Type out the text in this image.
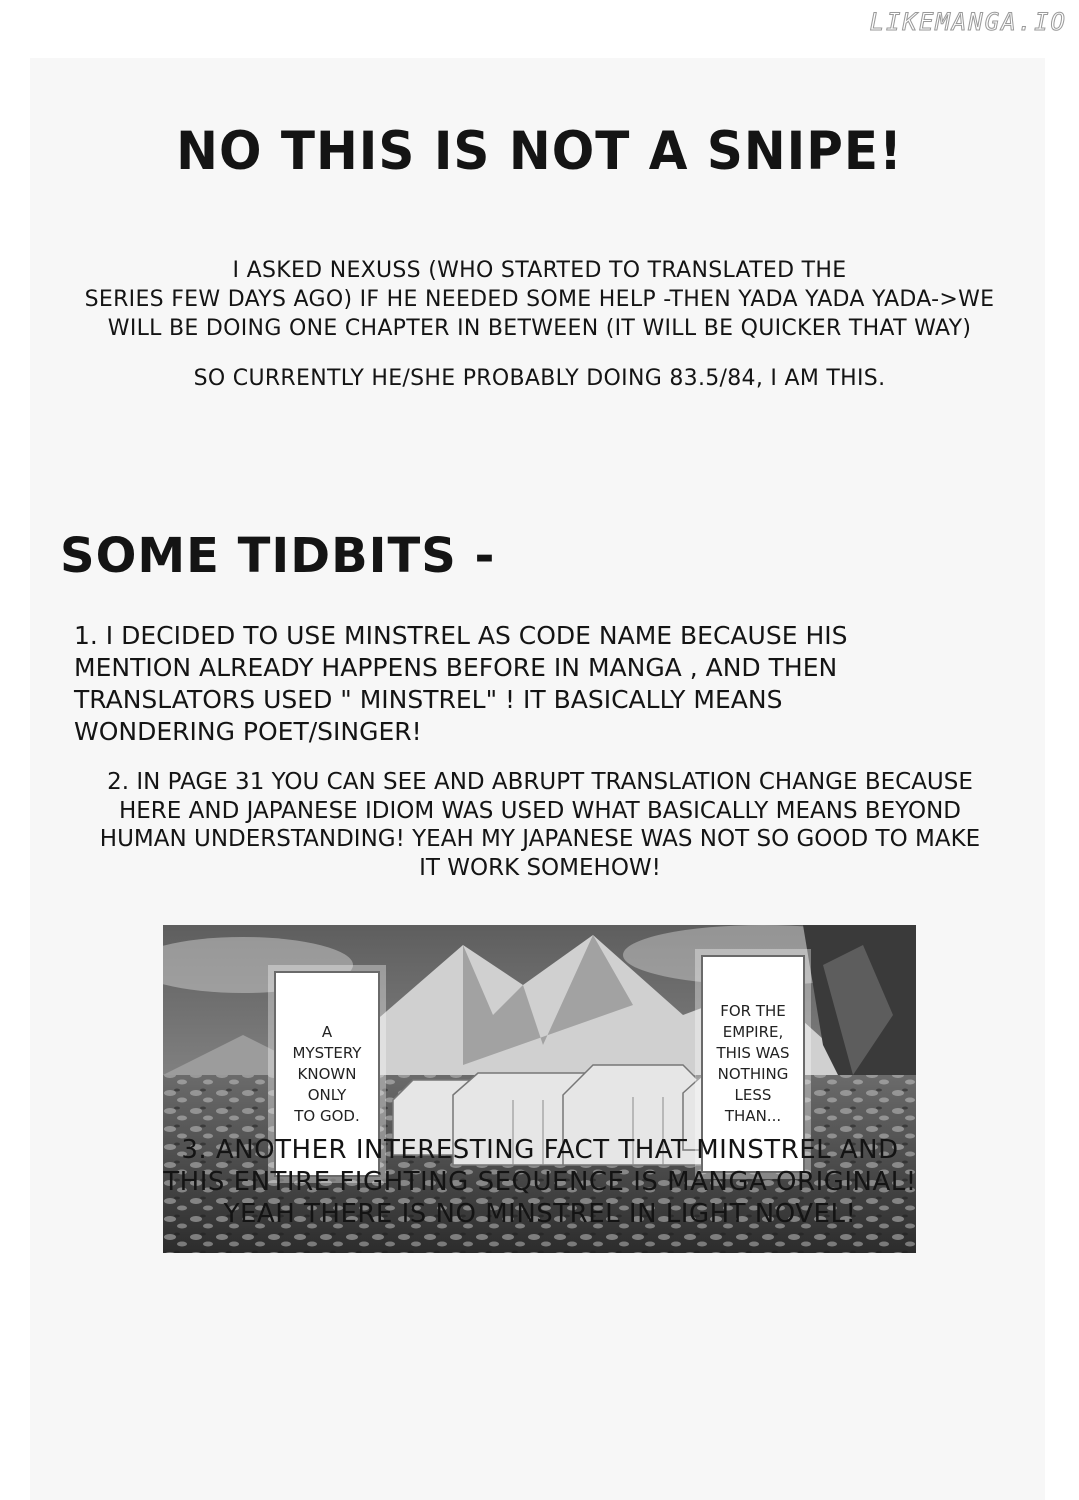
LIKEMANGA.IO
NO THIS IS NOT A SNIPE!
I ASKED NEXUSS (WHO STARTED TO TRANSLATED THE
SERIES FEW DAYS AGO) IF HE NEEDED SOME HELP -THEN YADA YADA YADA->WE
WILL BE DOING ONE CHAPTER IN BETWEEN (IT WILL BE QUICKER THAT WAY)
SO CURRENTLY HE/SHE PROBABLY DOING 83.5/84, I AM THIS.
SOME TIDBITS -
1. I DECIDED TO USE MINSTREL AS CODE NAME BECAUSE HIS
MENTION ALREADY HAPPENS BEFORE IN MANGA , AND THEN
TRANSLATORS USED " MINSTREL" ! IT BASICALLY MEANS
WONDERING POET/SINGER!
2. IN PAGE 31 YOU CAN SEE AND ABRUPT TRANSLATION CHANGE BECAUSE
HERE AND JAPANESE IDIOM WAS USED WHAT BASICALLY MEANS BEYOND
HUMAN UNDERSTANDING! YEAH MY JAPANESE WAS NOT SO GOOD TO MAKE
IT WORK SOMEHOW!
A
MYSTERY
KNOWN
ONLY
TO GOD.
FOR THE
EMPIRE,
THIS WAS
NOTHING
LESS
THAN...
3. ANOTHER INTERESTING FACT THAT MINSTREL AND
THIS ENTIRE FIGHTING SEQUENCE IS MANGA ORIGINAL!
YEAH THERE IS NO MINSTREL IN LIGHT NOVEL!
